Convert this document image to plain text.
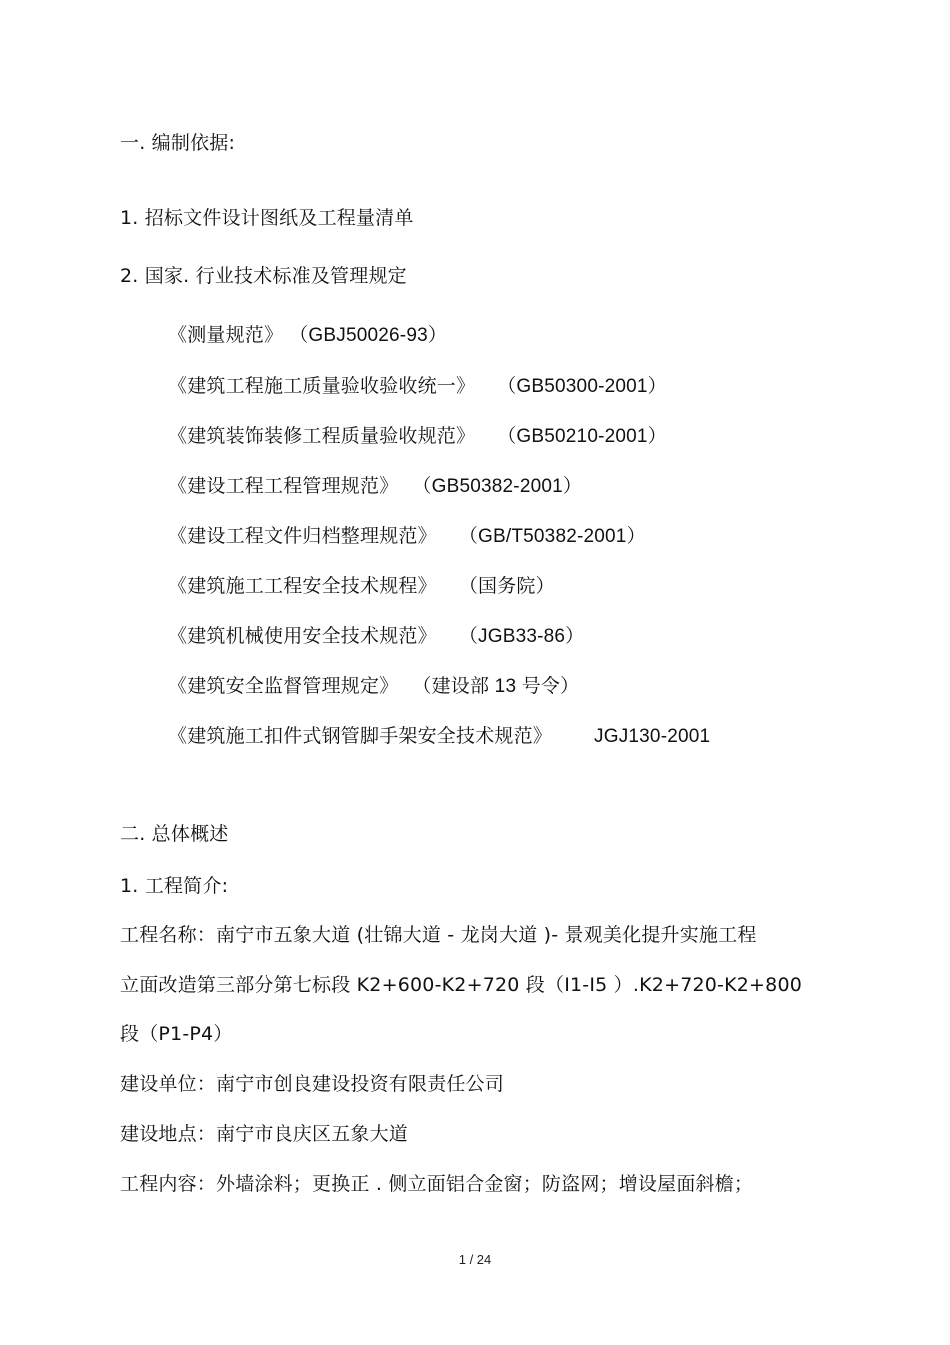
一. 编制依据:
1. 招标文件设计图纸及工程量清单
2. 国家. 行业技术标准及管理规定
《测量规范》 （GBJ50026-93）
《建筑工程施工质量验收验收统一》 （GB50300-2001）
《建筑装饰装修工程质量验收规范》 （GB50210-2001）
《建设工程工程管理规范》 （GB50382-2001）
《建设工程文件归档整理规范》 （GB/T50382-2001）
《建筑施工工程安全技术规程》 （国务院）
《建筑机械使用安全技术规范》 （JGB33-86）
《建筑安全监督管理规定》 （建设部 13 号令）
《建筑施工扣件式钢管脚手架安全技术规范》 JGJ130-2001
二. 总体概述
1. 工程简介:
工程名称：南宁市五象大道 (壮锦大道 - 龙岗大道 )- 景观美化提升实施工程
立面改造第三部分第七标段 K2+600-K2+720 段（I1-I5 ）.K2+720-K2+800
段（P1-P4）
建设单位：南宁市创良建设投资有限责任公司
建设地点：南宁市良庆区五象大道
工程内容：外墙涂料；更换正 . 侧立面铝合金窗；防盗网；增设屋面斜檐；
1 / 24
